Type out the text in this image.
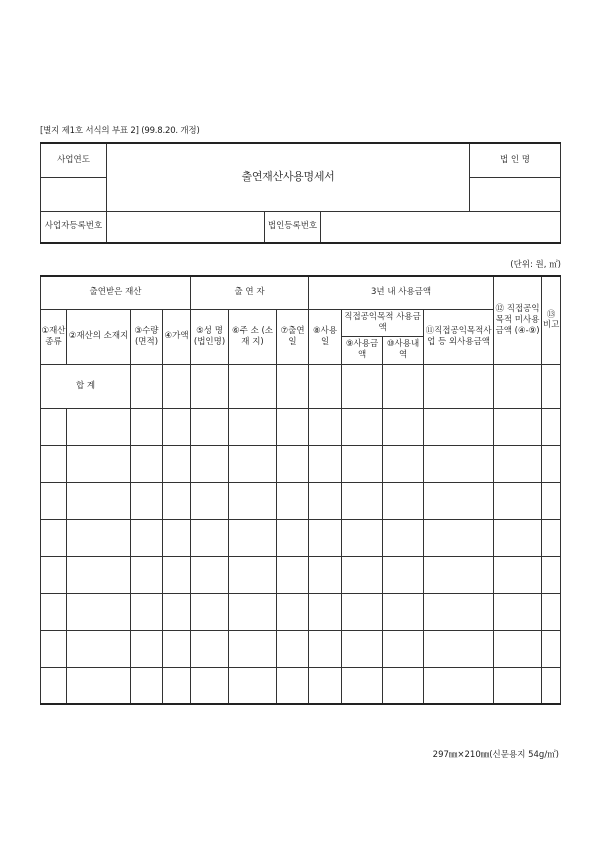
[별지 제1호 서식의 부표 2] (99.8.20. 개정)
사업연도	출연재산사용명세서			법 인 명

사업자등록번호		법인등록번호		
(단위: 원, ㎡)
출연받은 재산				출 연 자			3년 내 사용금액				⑫ 직접공익목적 미사용금액 (④-⑨)	⑬ 비고
①재산 종류	②재산의 소재지	③수량 (면적)	④가액	⑤성 명 (법인명)	⑥주 소 (소 재 지)	⑦출연일	⑧사용일	직접공익목적 사용금액		⑪직접공익목적사업 등 외사용금액		
								⑨사용금액	⑩사용내역			
합 계												

297㎜×210㎜(신문용지 54g/㎡)
